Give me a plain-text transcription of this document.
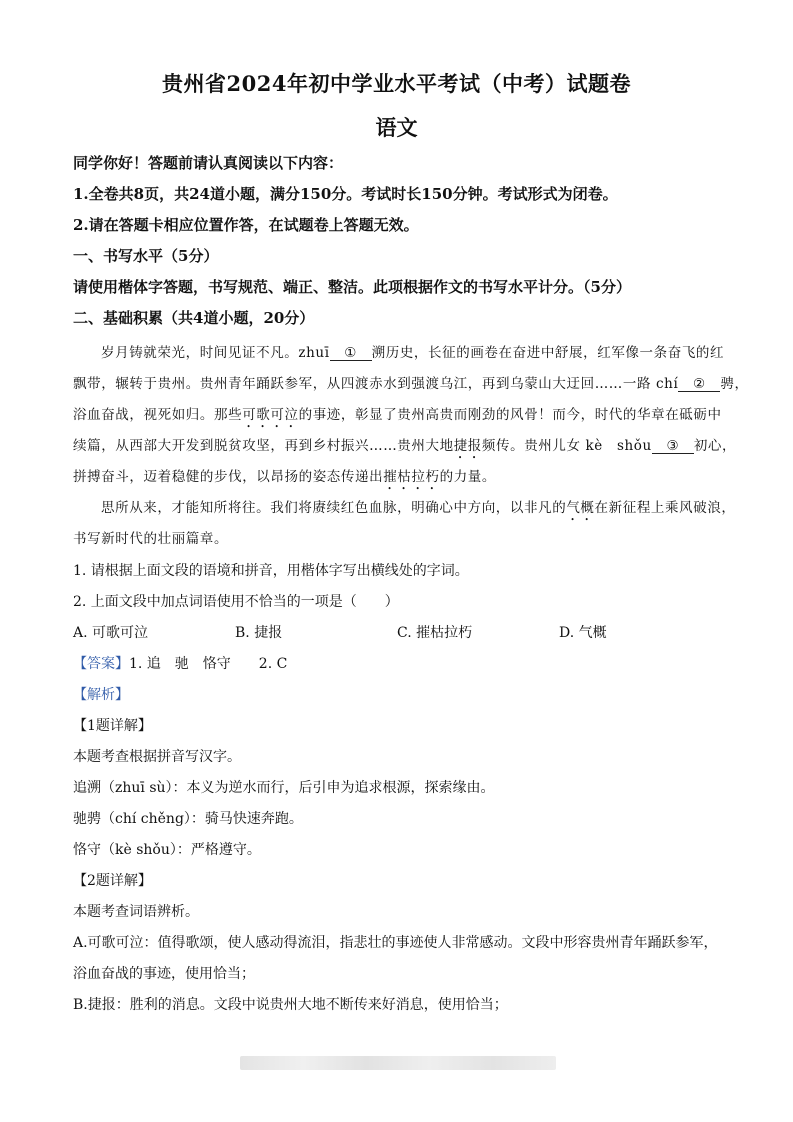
贵州省2024年初中学业水平考试（中考）试题卷
语文
同学你好！答题前请认真阅读以下内容：
1.全卷共8页，共24道小题，满分150分。考试时长150分钟。考试形式为闭卷。
2.请在答题卡相应位置作答，在试题卷上答题无效。
一、书写水平（5分）
请使用楷体字答题，书写规范、端正、整洁。此项根据作文的书写水平计分。（5分）
二、基础积累（共4道小题，20分）
岁月铸就荣光，时间见证不凡。zhuī ① 溯历史，长征的画卷在奋进中舒展，红军像一条奋飞的红
飘带，辗转于贵州。贵州青年踊跃参军，从四渡赤水到强渡乌江，再到乌蒙山大迂回……一路 chí ② 骋，
浴血奋战，视死如归。那些可歌可泣的事迹，彰显了贵州高贵而刚劲的风骨！而今，时代的华章在砥砺中
续篇，从西部大开发到脱贫攻坚，再到乡村振兴……贵州大地捷报频传。贵州儿女 kè　shǒu ③ 初心，
拼搏奋斗，迈着稳健的步伐，以昂扬的姿态传递出摧枯拉朽的力量。
思所从来，才能知所将往。我们将赓续红色血脉，明确心中方向，以非凡的气概在新征程上乘风破浪，
书写新时代的壮丽篇章。
1. 请根据上面文段的语境和拼音，用楷体字写出横线处的字词。
2. 上面文段中加点词语使用不恰当的一项是（　　）
A. 可歌可泣	B. 捷报	C. 摧枯拉朽	D. 气概
【答案】1. 追　驰　恪守　　2. C
【解析】
【1题详解】
本题考查根据拼音写汉字。
追溯（zhuī sù）：本义为逆水而行，后引申为追求根源，探索缘由。
驰骋（chí chěng）：骑马快速奔跑。
恪守（kè shǒu）：严格遵守。
【2题详解】
本题考查词语辨析。
A.可歌可泣：值得歌颂，使人感动得流泪，指悲壮的事迹使人非常感动。文段中形容贵州青年踊跃参军，
浴血奋战的事迹，使用恰当；
B.捷报：胜利的消息。文段中说贵州大地不断传来好消息，使用恰当；
